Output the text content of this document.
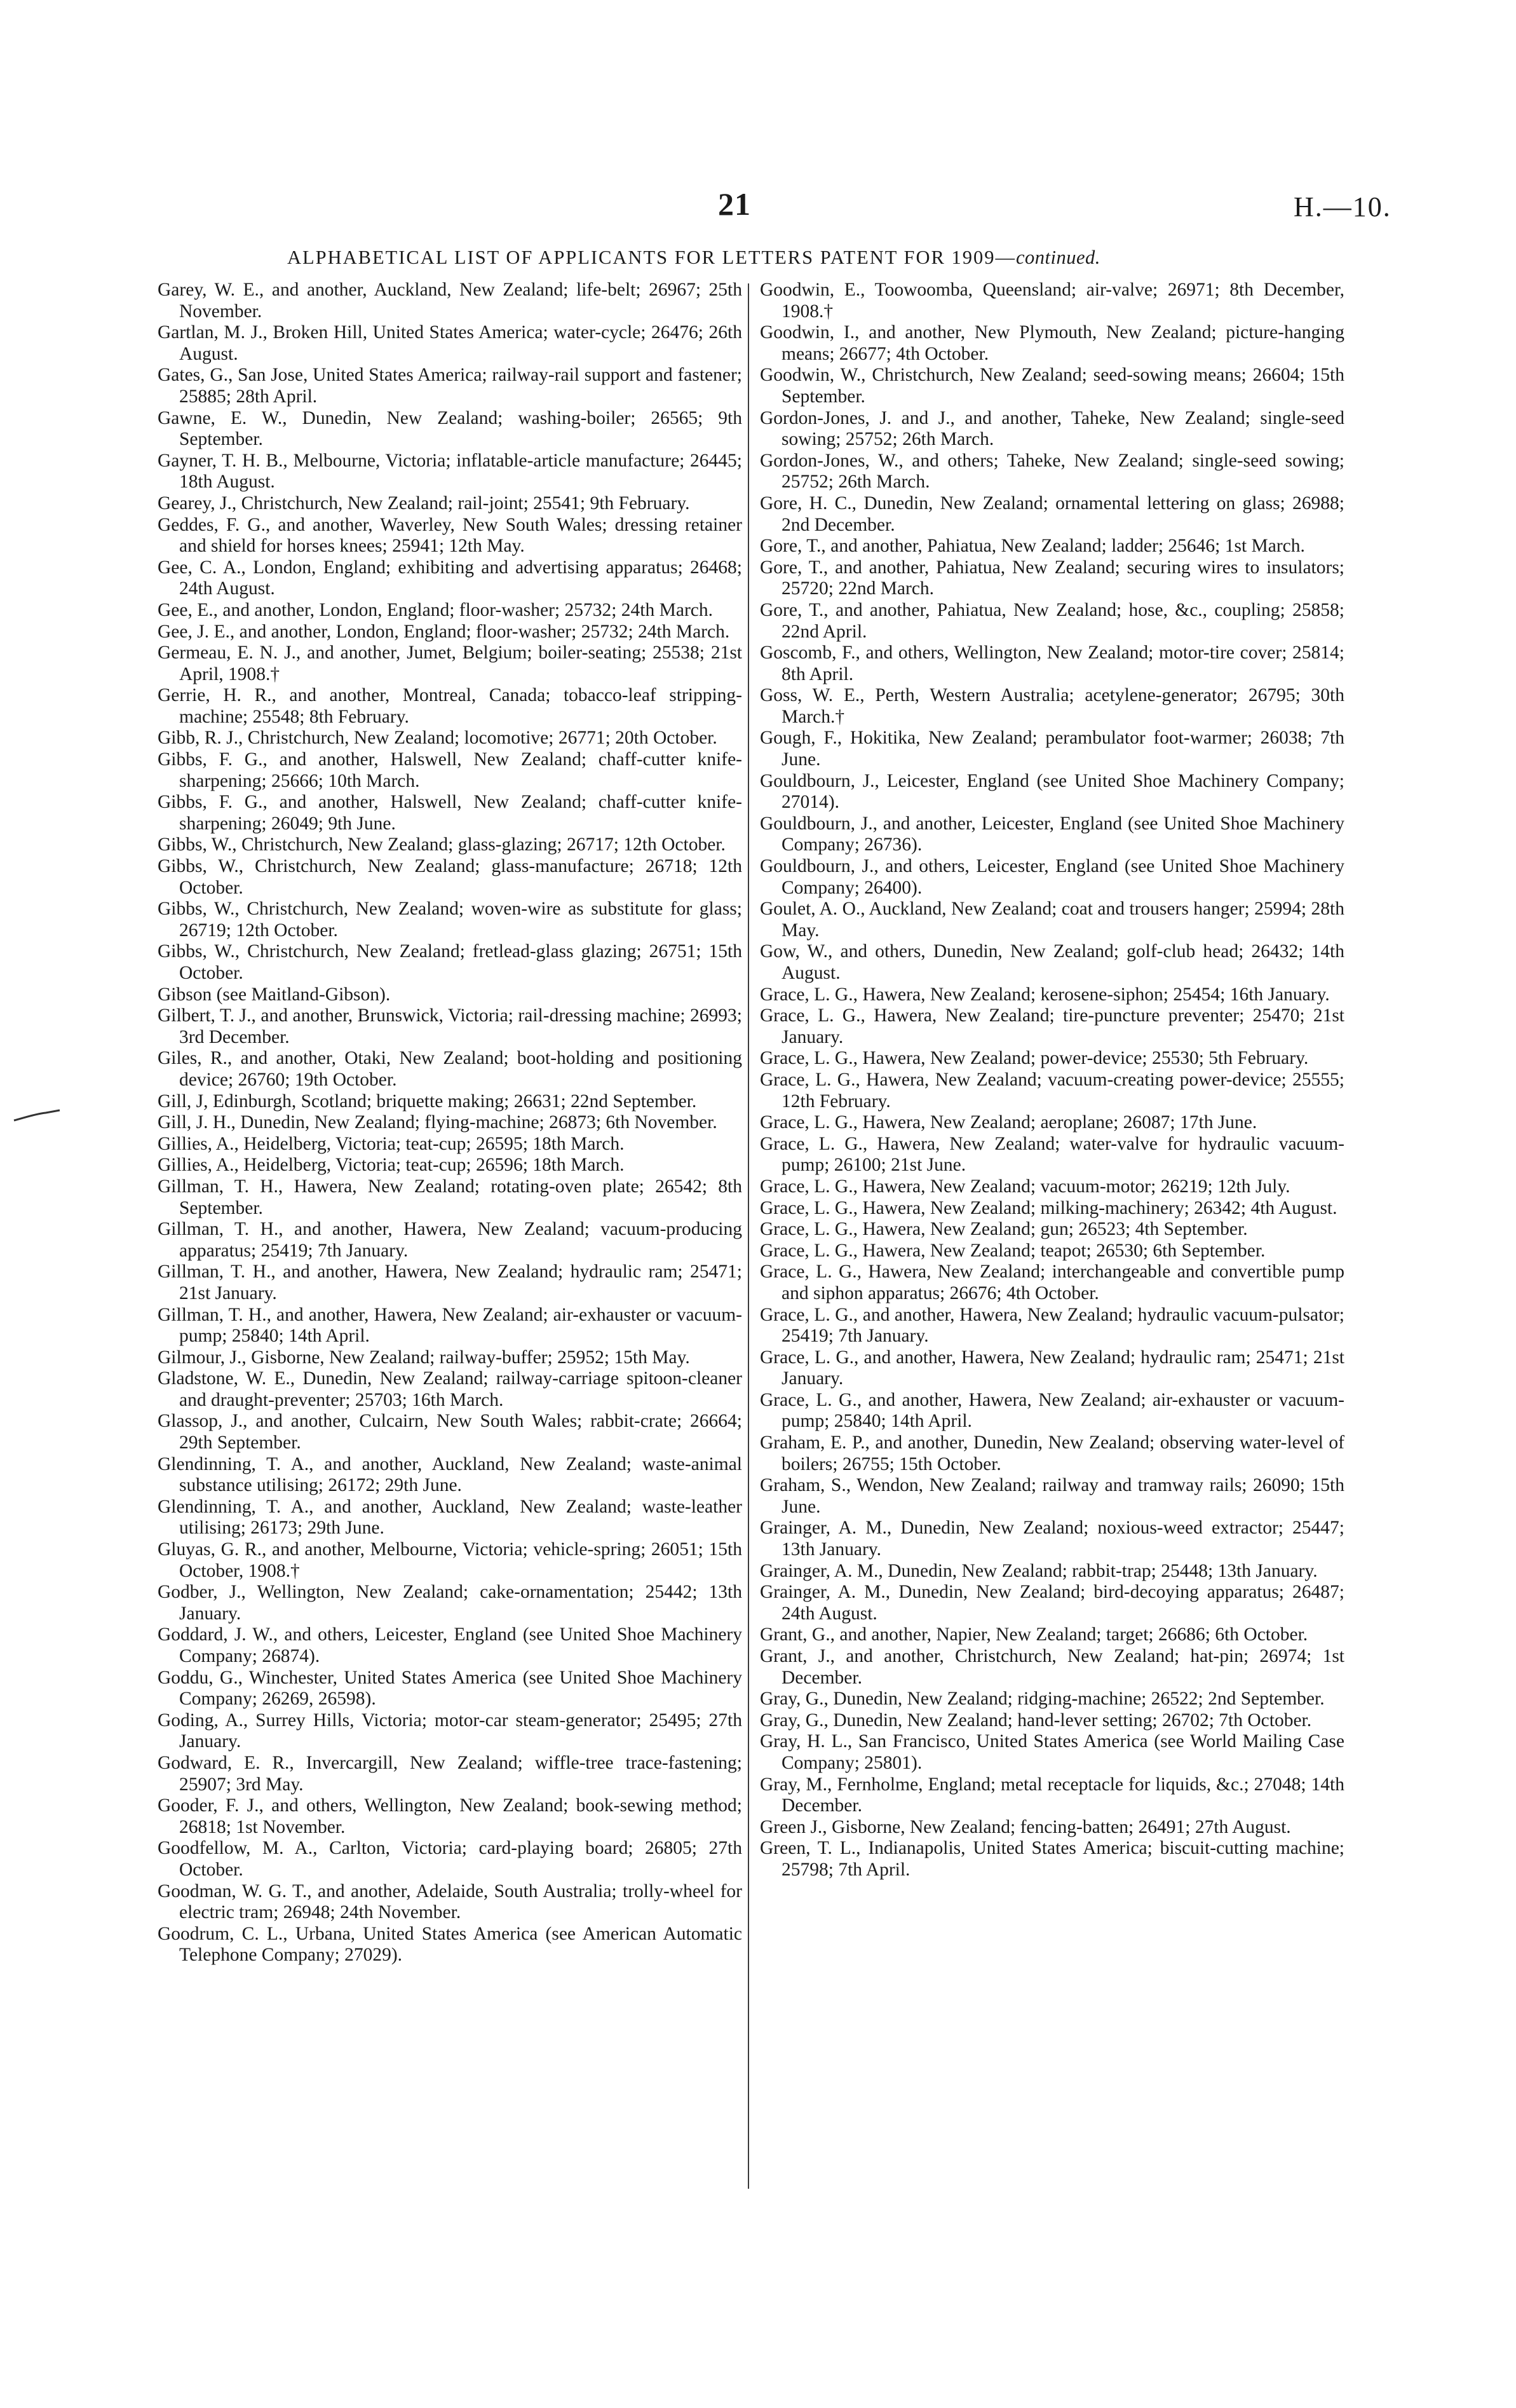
21	H.—10.
ALPHABETICAL LIST OF APPLICANTS FOR LETTERS PATENT FOR 1909—continued.

Garey, W. E., and another, Auckland, New Zealand; life-belt; 26967; 25th November.

Gartlan, M. J., Broken Hill, United States America; water-cycle; 26476; 26th August.

Gates, G., San Jose, United States America; railway-rail support and fastener; 25885; 28th April.

Gawne, E. W., Dunedin, New Zealand; washing-boiler; 26565; 9th September.

Gayner, T. H. B., Melbourne, Victoria; inflatable-article manufacture; 26445; 18th August.

Gearey, J., Christchurch, New Zealand; rail-joint; 25541; 9th February.

Geddes, F. G., and another, Waverley, New South Wales; dressing retainer and shield for horses knees; 25941; 12th May.

Gee, C. A., London, England; exhibiting and advertising apparatus; 26468; 24th August.

Gee, E., and another, London, England; floor-washer; 25732; 24th March.

Gee, J. E., and another, London, England; floor-washer; 25732; 24th March.

Germeau, E. N. J., and another, Jumet, Belgium; boiler-seating; 25538; 21st April, 1908.†

Gerrie, H. R., and another, Montreal, Canada; tobacco-leaf stripping-machine; 25548; 8th February.

Gibb, R. J., Christchurch, New Zealand; locomotive; 26771; 20th October.

Gibbs, F. G., and another, Halswell, New Zealand; chaff-cutter knife-sharpening; 25666; 10th March.

Gibbs, F. G., and another, Halswell, New Zealand; chaff-cutter knife-sharpening; 26049; 9th June.

Gibbs, W., Christchurch, New Zealand; glass-glazing; 26717; 12th October.

Gibbs, W., Christchurch, New Zealand; glass-manufacture; 26718; 12th October.

Gibbs, W., Christchurch, New Zealand; woven-wire as substitute for glass; 26719; 12th October.

Gibbs, W., Christchurch, New Zealand; fretlead-glass glazing; 26751; 15th October.

Gibson (see Maitland-Gibson).

Gilbert, T. J., and another, Brunswick, Victoria; rail-dressing machine; 26993; 3rd December.

Giles, R., and another, Otaki, New Zealand; boot-holding and positioning device; 26760; 19th October.

Gill, J, Edinburgh, Scotland; briquette making; 26631; 22nd September.

Gill, J. H., Dunedin, New Zealand; flying-machine; 26873; 6th November.

Gillies, A., Heidelberg, Victoria; teat-cup; 26595; 18th March.

Gillies, A., Heidelberg, Victoria; teat-cup; 26596; 18th March.

Gillman, T. H., Hawera, New Zealand; rotating-oven plate; 26542; 8th September.

Gillman, T. H., and another, Hawera, New Zealand; vacuum-producing apparatus; 25419; 7th January.

Gillman, T. H., and another, Hawera, New Zealand; hydraulic ram; 25471; 21st January.

Gillman, T. H., and another, Hawera, New Zealand; air-exhauster or vacuum-pump; 25840; 14th April.

Gilmour, J., Gisborne, New Zealand; railway-buffer; 25952; 15th May.

Gladstone, W. E., Dunedin, New Zealand; railway-carriage spitoon-cleaner and draught-preventer; 25703; 16th March.

Glassop, J., and another, Culcairn, New South Wales; rabbit-crate; 26664; 29th September.

Glendinning, T. A., and another, Auckland, New Zealand; waste-animal substance utilising; 26172; 29th June.

Glendinning, T. A., and another, Auckland, New Zealand; waste-leather utilising; 26173; 29th June.

Gluyas, G. R., and another, Melbourne, Victoria; vehicle-spring; 26051; 15th October, 1908.†

Godber, J., Wellington, New Zealand; cake-ornamentation; 25442; 13th January.

Goddard, J. W., and others, Leicester, England (see United Shoe Machinery Company; 26874).

Goddu, G., Winchester, United States America (see United Shoe Machinery Company; 26269, 26598).

Goding, A., Surrey Hills, Victoria; motor-car steam-generator; 25495; 27th January.

Godward, E. R., Invercargill, New Zealand; wiffle-tree trace-fastening; 25907; 3rd May.

Gooder, F. J., and others, Wellington, New Zealand; book-sewing method; 26818; 1st November.

Goodfellow, M. A., Carlton, Victoria; card-playing board; 26805; 27th October.

Goodman, W. G. T., and another, Adelaide, South Australia; trolly-wheel for electric tram; 26948; 24th November.

Goodrum, C. L., Urbana, United States America (see American Automatic Telephone Company; 27029).

Goodwin, E., Toowoomba, Queensland; air-valve; 26971; 8th December, 1908.†

Goodwin, I., and another, New Plymouth, New Zealand; picture-hanging means; 26677; 4th October.

Goodwin, W., Christchurch, New Zealand; seed-sowing means; 26604; 15th September.

Gordon-Jones, J. and J., and another, Taheke, New Zealand; single-seed sowing; 25752; 26th March.

Gordon-Jones, W., and others; Taheke, New Zealand; single-seed sowing; 25752; 26th March.

Gore, H. C., Dunedin, New Zealand; ornamental lettering on glass; 26988; 2nd December.

Gore, T., and another, Pahiatua, New Zealand; ladder; 25646; 1st March.

Gore, T., and another, Pahiatua, New Zealand; securing wires to insulators; 25720; 22nd March.

Gore, T., and another, Pahiatua, New Zealand; hose, &c., coupling; 25858; 22nd April.

Goscomb, F., and others, Wellington, New Zealand; motor-tire cover; 25814; 8th April.

Goss, W. E., Perth, Western Australia; acetylene-generator; 26795; 30th March.†

Gough, F., Hokitika, New Zealand; perambulator foot-warmer; 26038; 7th June.

Gouldbourn, J., Leicester, England (see United Shoe Machinery Company; 27014).

Gouldbourn, J., and another, Leicester, England (see United Shoe Machinery Company; 26736).

Gouldbourn, J., and others, Leicester, England (see United Shoe Machinery Company; 26400).

Goulet, A. O., Auckland, New Zealand; coat and trousers hanger; 25994; 28th May.

Gow, W., and others, Dunedin, New Zealand; golf-club head; 26432; 14th August.

Grace, L. G., Hawera, New Zealand; kerosene-siphon; 25454; 16th January.

Grace, L. G., Hawera, New Zealand; tire-puncture preventer; 25470; 21st January.

Grace, L. G., Hawera, New Zealand; power-device; 25530; 5th February.

Grace, L. G., Hawera, New Zealand; vacuum-creating power-device; 25555; 12th February.

Grace, L. G., Hawera, New Zealand; aeroplane; 26087; 17th June.

Grace, L. G., Hawera, New Zealand; water-valve for hydraulic vacuum-pump; 26100; 21st June.

Grace, L. G., Hawera, New Zealand; vacuum-motor; 26219; 12th July.

Grace, L. G., Hawera, New Zealand; milking-machinery; 26342; 4th August.

Grace, L. G., Hawera, New Zealand; gun; 26523; 4th September.

Grace, L. G., Hawera, New Zealand; teapot; 26530; 6th September.

Grace, L. G., Hawera, New Zealand; interchangeable and convertible pump and siphon apparatus; 26676; 4th October.

Grace, L. G., and another, Hawera, New Zealand; hydraulic vacuum-pulsator; 25419; 7th January.

Grace, L. G., and another, Hawera, New Zealand; hydraulic ram; 25471; 21st January.

Grace, L. G., and another, Hawera, New Zealand; air-exhauster or vacuum-pump; 25840; 14th April.

Graham, E. P., and another, Dunedin, New Zealand; observing water-level of boilers; 26755; 15th October.

Graham, S., Wendon, New Zealand; railway and tramway rails; 26090; 15th June.

Grainger, A. M., Dunedin, New Zealand; noxious-weed extractor; 25447; 13th January.

Grainger, A. M., Dunedin, New Zealand; rabbit-trap; 25448; 13th January.

Grainger, A. M., Dunedin, New Zealand; bird-decoying apparatus; 26487; 24th August.

Grant, G., and another, Napier, New Zealand; target; 26686; 6th October.

Grant, J., and another, Christchurch, New Zealand; hat-pin; 26974; 1st December.

Gray, G., Dunedin, New Zealand; ridging-machine; 26522; 2nd September.

Gray, G., Dunedin, New Zealand; hand-lever setting; 26702; 7th October.

Gray, H. L., San Francisco, United States America (see World Mailing Case Company; 25801).

Gray, M., Fernholme, England; metal receptacle for liquids, &c.; 27048; 14th December.

Green J., Gisborne, New Zealand; fencing-batten; 26491; 27th August.

Green, T. L., Indianapolis, United States America; biscuit-cutting machine; 25798; 7th April.
